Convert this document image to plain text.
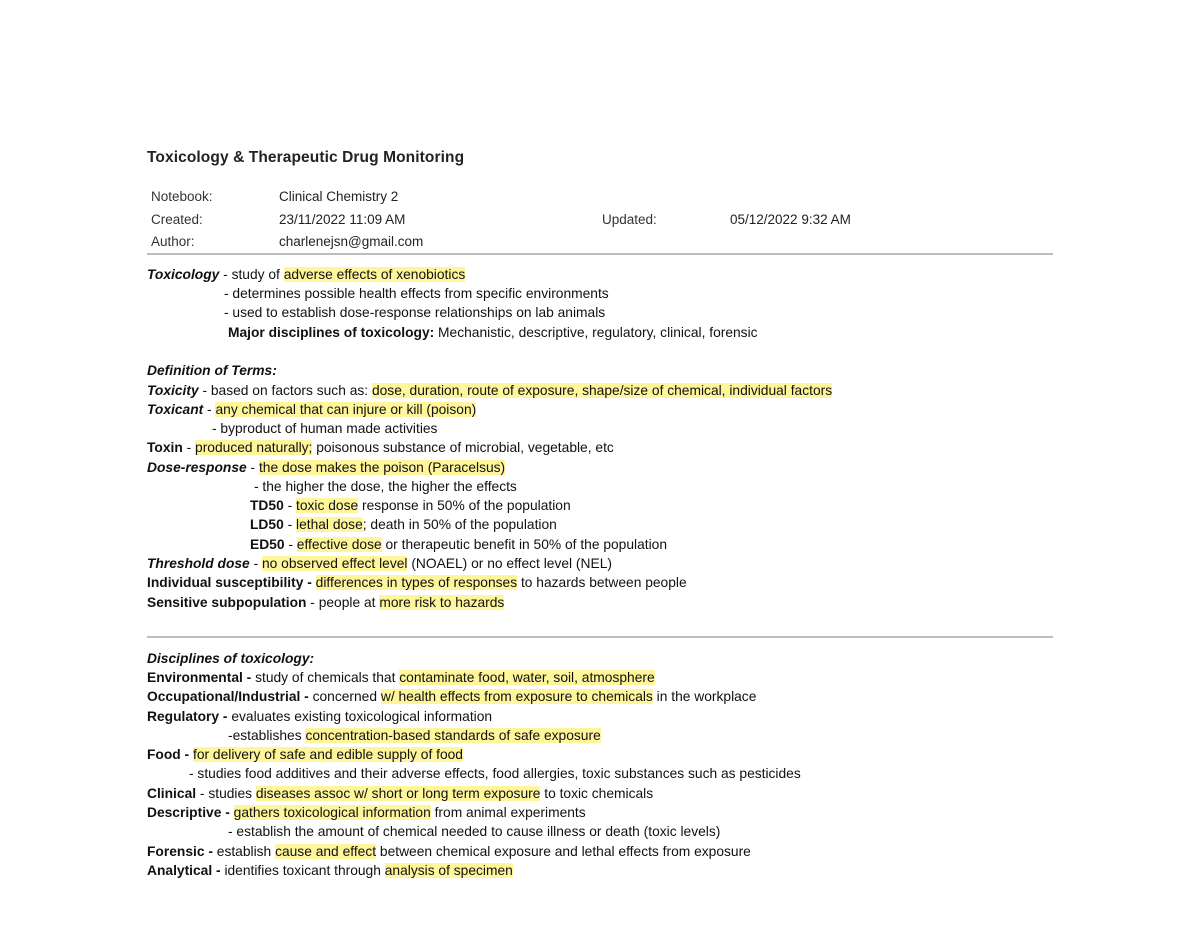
Toxicology & Therapeutic Drug Monitoring
Notebook:	Clinical Chemistry 2
Created:	23/11/2022 11:09 AM	Updated:	05/12/2022 9:32 AM
Author:	charlenejsn@gmail.com
Toxicology - study of adverse effects of xenobiotics
- determines possible health effects from specific environments
- used to establish dose-response relationships on lab animals
Major disciplines of toxicology: Mechanistic, descriptive, regulatory, clinical, forensic
Definition of Terms:
Toxicity - based on factors such as: dose, duration, route of exposure, shape/size of chemical, individual factors
Toxicant - any chemical that can injure or kill (poison)
- byproduct of human made activities
Toxin - produced naturally; poisonous substance of microbial, vegetable, etc
Dose-response - the dose makes the poison (Paracelsus)
- the higher the dose, the higher the effects
TD50 - toxic dose response in 50% of the population
LD50 - lethal dose; death in 50% of the population
ED50 - effective dose or therapeutic benefit in 50% of the population
Threshold dose - no observed effect level (NOAEL) or no effect level (NEL)
Individual susceptibility - differences in types of responses to hazards between people
Sensitive subpopulation - people at more risk to hazards
Disciplines of toxicology:
Environmental - study of chemicals that contaminate food, water, soil, atmosphere
Occupational/Industrial - concerned w/ health effects from exposure to chemicals in the workplace
Regulatory - evaluates existing toxicological information
-establishes concentration-based standards of safe exposure
Food - for delivery of safe and edible supply of food
- studies food additives and their adverse effects, food allergies, toxic substances such as pesticides
Clinical - studies diseases assoc w/ short or long term exposure to toxic chemicals
Descriptive - gathers toxicological information from animal experiments
- establish the amount of chemical needed to cause illness or death (toxic levels)
Forensic - establish cause and effect between chemical exposure and lethal effects from exposure
Analytical - identifies toxicant through analysis of specimen
